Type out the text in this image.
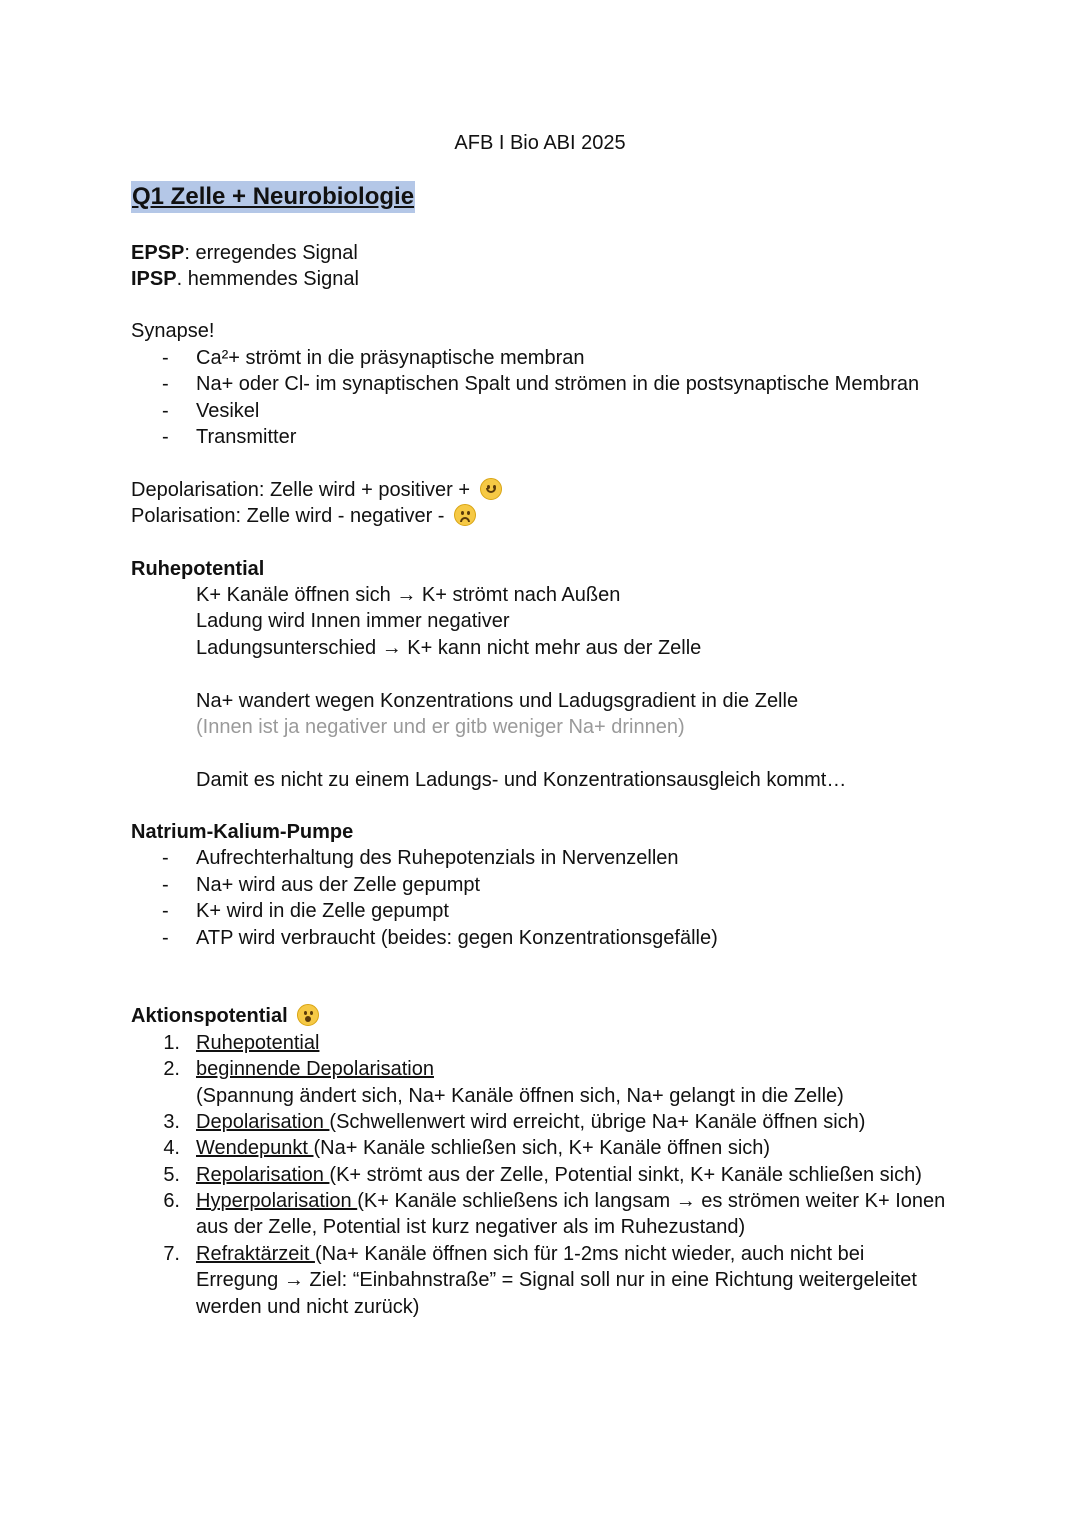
AFB I Bio ABI 2025
Q1 Zelle + Neurobiologie
EPSP: erregendes Signal
IPSP. hemmendes Signal
Synapse!
- Ca²+ strömt in die präsynaptische membran
- Na+ oder Cl- im synaptischen Spalt und strömen in die postsynaptische Membran
- Vesikel
- Transmitter
Depolarisation: Zelle wird + positiver +
Polarisation: Zelle wird - negativer -
Ruhepotential
K+ Kanäle öffnen sich → K+ strömt nach Außen
Ladung wird Innen immer negativer
Ladungsunterschied → K+ kann nicht mehr aus der Zelle
Na+ wandert wegen Konzentrations und Ladugsgradient in die Zelle
(Innen ist ja negativer und er gitb weniger Na+ drinnen)
Damit es nicht zu einem Ladungs- und Konzentrationsausgleich kommt…
Natrium-Kalium-Pumpe
- Aufrechterhaltung des Ruhepotenzials in Nervenzellen
- Na+ wird aus der Zelle gepumpt
- K+ wird in die Zelle gepumpt
- ATP wird verbraucht (beides: gegen Konzentrationsgefälle)
Aktionspotential
1. Ruhepotential
2. beginnende Depolarisation
(Spannung ändert sich, Na+ Kanäle öffnen sich, Na+ gelangt in die Zelle)
3. Depolarisation (Schwellenwert wird erreicht, übrige Na+ Kanäle öffnen sich)
4. Wendepunkt (Na+ Kanäle schließen sich, K+ Kanäle öffnen sich)
5. Repolarisation (K+ strömt aus der Zelle, Potential sinkt, K+ Kanäle schließen sich)
6. Hyperpolarisation (K+ Kanäle schließens ich langsam → es strömen weiter K+ Ionen
aus der Zelle, Potential ist kurz negativer als im Ruhezustand)
7. Refraktärzeit (Na+ Kanäle öffnen sich für 1-2ms nicht wieder, auch nicht bei
Erregung → Ziel: “Einbahnstraße” = Signal soll nur in eine Richtung weitergeleitet
werden und nicht zurück)
